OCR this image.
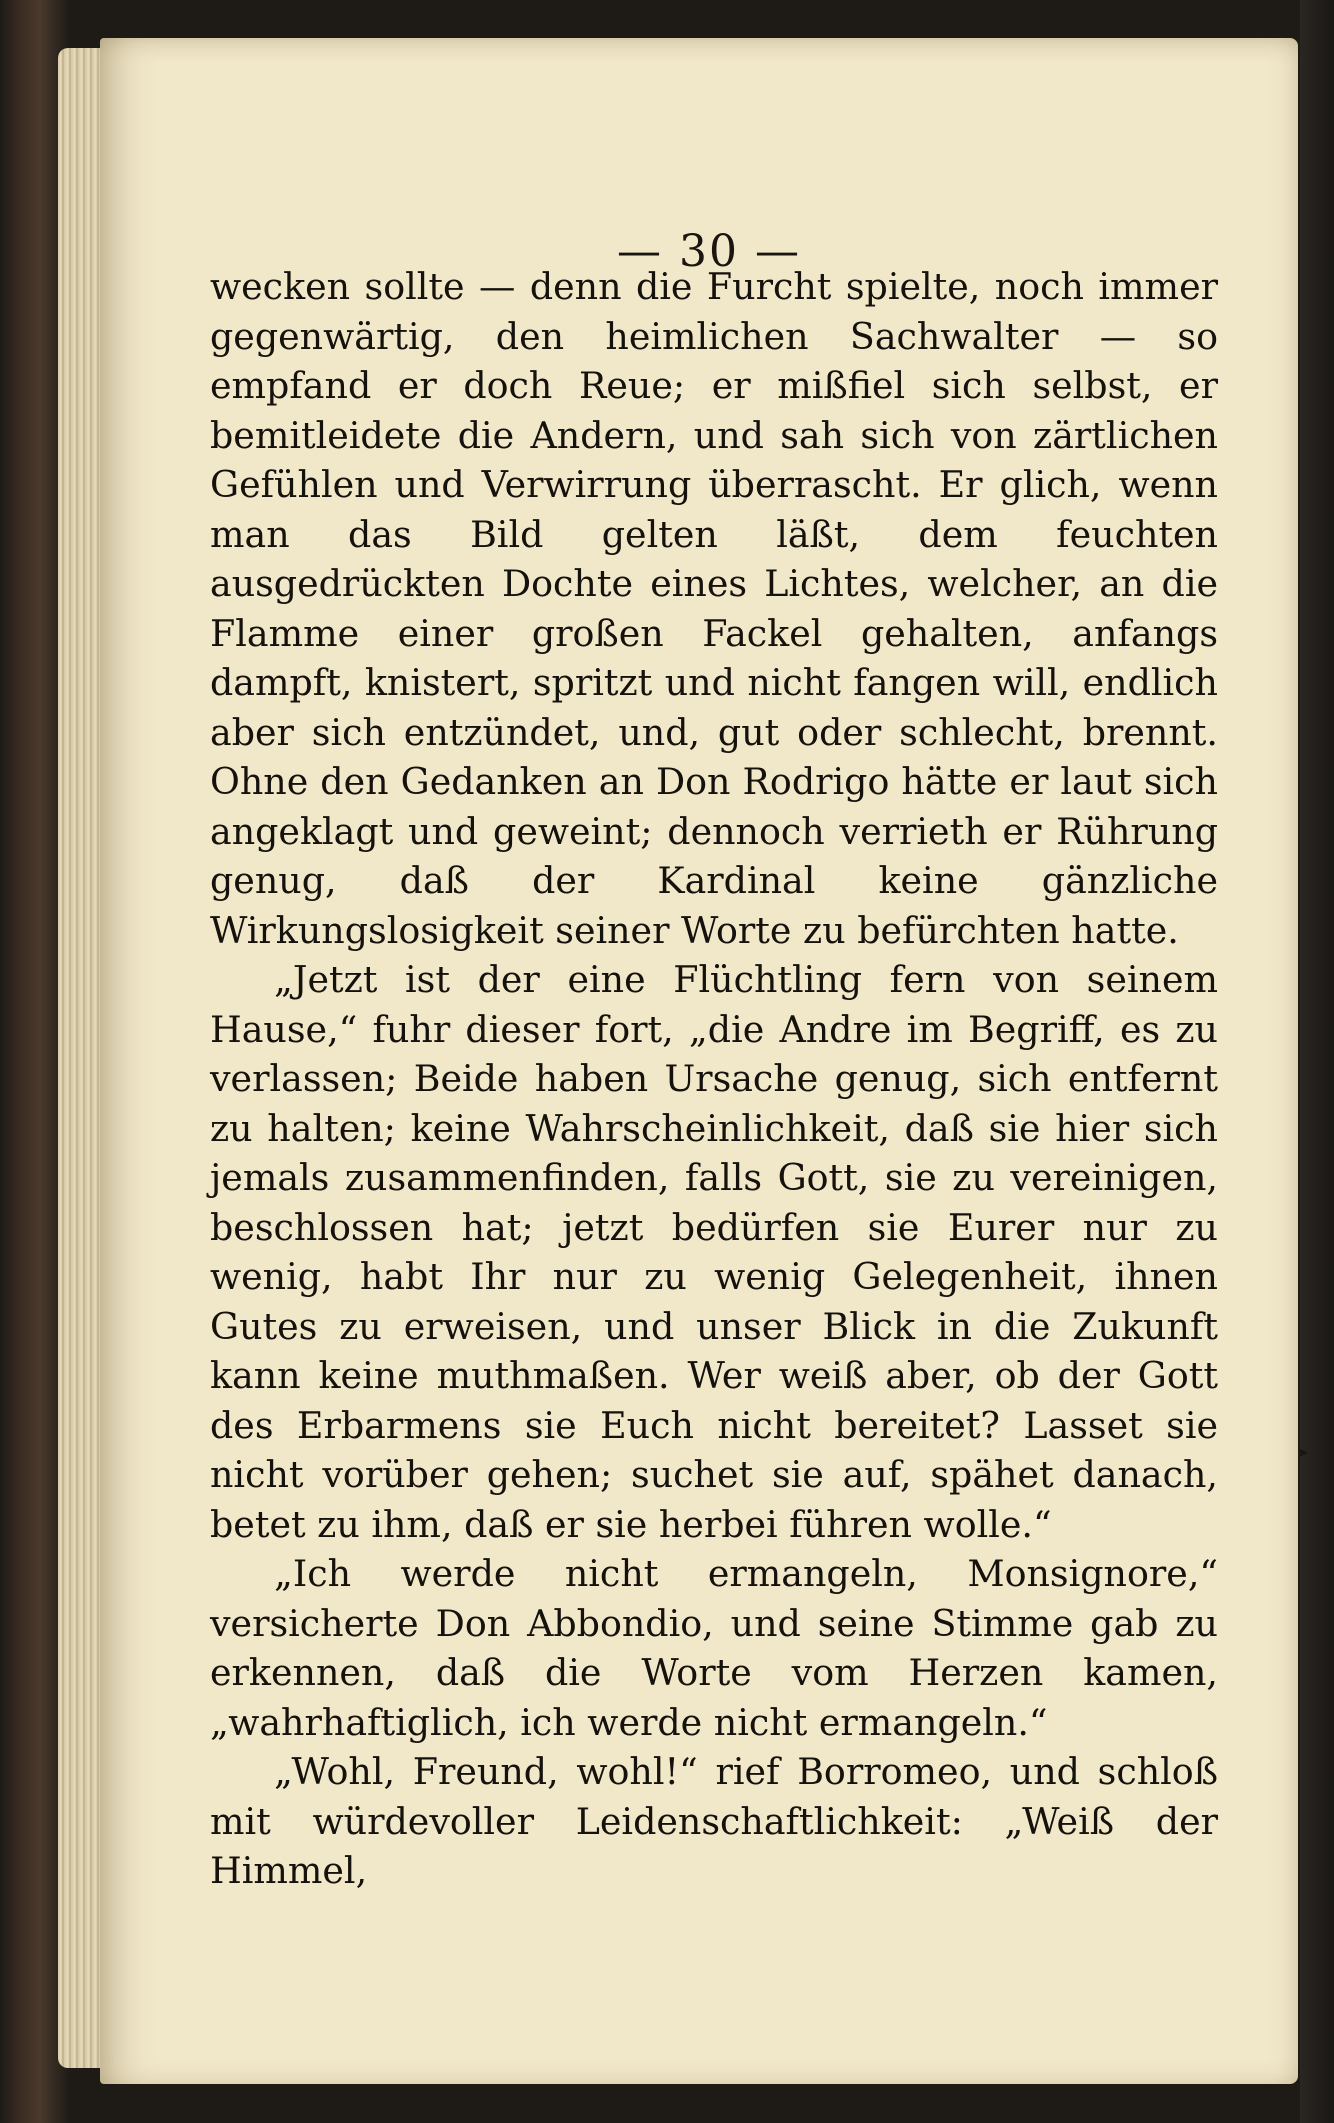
— 30 —

wecken sollte — denn die Furcht spielte, noch immer gegenwärtig, den heimlichen Sachwalter — so empfand er doch Reue; er mißfiel sich selbst, er bemitleidete die Andern, und sah sich von zärtlichen Gefühlen und Verwirrung überrascht. Er glich, wenn man das Bild gelten läßt, dem feuchten ausgedrückten Dochte eines Lichtes, welcher, an die Flamme einer großen Fackel gehalten, anfangs dampft, knistert, spritzt und nicht fangen will, endlich aber sich entzündet, und, gut oder schlecht, brennt. Ohne den Gedanken an Don Rodrigo hätte er laut sich angeklagt und geweint; dennoch verrieth er Rührung genug, daß der Kardinal keine gänzliche Wirkungslosigkeit seiner Worte zu befürchten hatte.

„Jetzt ist der eine Flüchtling fern von seinem Hause,“ fuhr dieser fort, „die Andre im Begriff, es zu verlassen; Beide haben Ursache genug, sich entfernt zu halten; keine Wahrscheinlichkeit, daß sie hier sich jemals zusammenfinden, falls Gott, sie zu vereinigen, beschlossen hat; jetzt bedürfen sie Eurer nur zu wenig, habt Ihr nur zu wenig Gelegenheit, ihnen Gutes zu erweisen, und unser Blick in die Zukunft kann keine muthmaßen. Wer weiß aber, ob der Gott des Erbarmens sie Euch nicht bereitet? Lasset sie nicht vorüber gehen; suchet sie auf, spähet danach, betet zu ihm, daß er sie herbei führen wolle.“

„Ich werde nicht ermangeln, Monsignore,“ versicherte Don Abbondio, und seine Stimme gab zu erkennen, daß die Worte vom Herzen kamen, „wahrhaftiglich, ich werde nicht ermangeln.“

„Wohl, Freund, wohl!“ rief Borromeo, und schloß mit würdevoller Leidenschaftlichkeit: „Weiß der Himmel,

▸
